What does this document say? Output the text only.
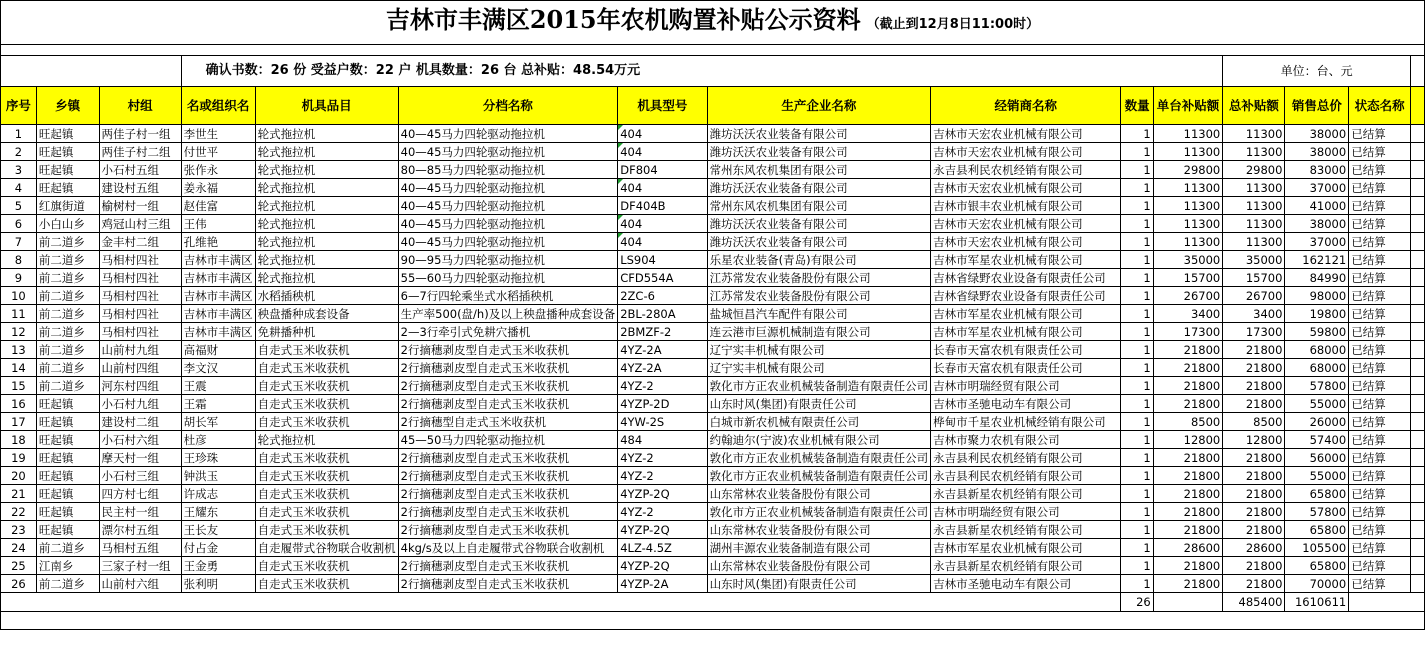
吉林市丰满区2015年农机购置补贴公示资料 （截止到12月8日11:00时）														

			确认书数：26 份 受益户数：22 户 机具数量：26 台 总补贴：48.54万元								单位：台、元			
序号	乡镇	村组	名或组织名	机具品目	分档名称	机具型号	生产企业名称	经销商名称	数量	单台补贴额	总补贴额	销售总价	状态名称	
1	旺起镇	两佳子村一组	李世生	轮式拖拉机	40—45马力四轮驱动拖拉机	404	潍坊沃沃农业装备有限公司	吉林市天宏农业机械有限公司	1	11300	11300	38000	已结算	
2	旺起镇	两佳子村二组	付世平	轮式拖拉机	40—45马力四轮驱动拖拉机	404	潍坊沃沃农业装备有限公司	吉林市天宏农业机械有限公司	1	11300	11300	38000	已结算	
3	旺起镇	小石村五组	张作永	轮式拖拉机	80—85马力四轮驱动拖拉机	DF804	常州东风农机集团有限公司	永吉县利民农机经销有限公司	1	29800	29800	83000	已结算	
4	旺起镇	建设村五组	姜永福	轮式拖拉机	40—45马力四轮驱动拖拉机	404	潍坊沃沃农业装备有限公司	吉林市天宏农业机械有限公司	1	11300	11300	37000	已结算	
5	红旗街道	榆树村一组	赵佳富	轮式拖拉机	40—45马力四轮驱动拖拉机	DF404B	常州东风农机集团有限公司	吉林市银丰农业机械有限公司	1	11300	11300	41000	已结算	
6	小白山乡	鸡冠山村三组	王伟	轮式拖拉机	40—45马力四轮驱动拖拉机	404	潍坊沃沃农业装备有限公司	吉林市天宏农业机械有限公司	1	11300	11300	38000	已结算	
7	前二道乡	金丰村二组	孔维艳	轮式拖拉机	40—45马力四轮驱动拖拉机	404	潍坊沃沃农业装备有限公司	吉林市天宏农业机械有限公司	1	11300	11300	37000	已结算	
8	前二道乡	马相村四社	吉林市丰满区	轮式拖拉机	90—95马力四轮驱动拖拉机	LS904	乐星农业装备(青岛)有限公司	吉林市军星农业机械有限公司	1	35000	35000	162121	已结算	
9	前二道乡	马相村四社	吉林市丰满区	轮式拖拉机	55—60马力四轮驱动拖拉机	CFD554A	江苏常发农业装备股份有限公司	吉林省绿野农业设备有限责任公司	1	15700	15700	84990	已结算	
10	前二道乡	马相村四社	吉林市丰满区	水稻插秧机	6—7行四轮乘坐式水稻插秧机	2ZC-6	江苏常发农业装备股份有限公司	吉林省绿野农业设备有限责任公司	1	26700	26700	98000	已结算	
11	前二道乡	马相村四社	吉林市丰满区	秧盘播种成套设备	生产率500(盘/h)及以上秧盘播种成套设备	2BL-280A	盐城恒昌汽车配件有限公司	吉林市军星农业机械有限公司	1	3400	3400	19800	已结算	
12	前二道乡	马相村四社	吉林市丰满区	免耕播种机	2—3行牵引式免耕穴播机	2BMZF-2	连云港市巨源机械制造有限公司	吉林市军星农业机械有限公司	1	17300	17300	59800	已结算	
13	前二道乡	山前村九组	高福财	自走式玉米收获机	2行摘穗剥皮型自走式玉米收获机	4YZ-2A	辽宁实丰机械有限公司	长春市天富农机有限责任公司	1	21800	21800	68000	已结算	
14	前二道乡	山前村四组	李文汉	自走式玉米收获机	2行摘穗剥皮型自走式玉米收获机	4YZ-2A	辽宁实丰机械有限公司	长春市天富农机有限责任公司	1	21800	21800	68000	已结算	
15	前二道乡	河东村四组	王震	自走式玉米收获机	2行摘穗剥皮型自走式玉米收获机	4YZ-2	敦化市方正农业机械装备制造有限责任公司	吉林市明瑞经贸有限公司	1	21800	21800	57800	已结算	
16	旺起镇	小石村九组	王霜	自走式玉米收获机	2行摘穗剥皮型自走式玉米收获机	4YZP-2D	山东时风(集团)有限责任公司	吉林市圣驰电动车有限公司	1	21800	21800	55000	已结算	
17	旺起镇	建设村二组	胡长军	自走式玉米收获机	2行摘穗型自走式玉米收获机	4YW-2S	白城市新农机械有限责任公司	桦甸市千星农业机械经销有限公司	1	8500	8500	26000	已结算	
18	旺起镇	小石村六组	杜彦	轮式拖拉机	45—50马力四轮驱动拖拉机	484	约翰迪尔(宁波)农业机械有限公司	吉林市聚力农机有限公司	1	12800	12800	57400	已结算	
19	旺起镇	摩天村一组	王珍珠	自走式玉米收获机	2行摘穗剥皮型自走式玉米收获机	4YZ-2	敦化市方正农业机械装备制造有限责任公司	永吉县利民农机经销有限公司	1	21800	21800	56000	已结算	
20	旺起镇	小石村三组	钟洪玉	自走式玉米收获机	2行摘穗剥皮型自走式玉米收获机	4YZ-2	敦化市方正农业机械装备制造有限责任公司	永吉县利民农机经销有限公司	1	21800	21800	55000	已结算	
21	旺起镇	四方村七组	许成志	自走式玉米收获机	2行摘穗剥皮型自走式玉米收获机	4YZP-2Q	山东常林农业装备股份有限公司	永吉县新星农机经销有限公司	1	21800	21800	65800	已结算	
22	旺起镇	民主村一组	王耀东	自走式玉米收获机	2行摘穗剥皮型自走式玉米收获机	4YZ-2	敦化市方正农业机械装备制造有限责任公司	吉林市明瑞经贸有限公司	1	21800	21800	57800	已结算	
23	旺起镇	漂尔村五组	王长友	自走式玉米收获机	2行摘穗剥皮型自走式玉米收获机	4YZP-2Q	山东常林农业装备股份有限公司	永吉县新星农机经销有限公司	1	21800	21800	65800	已结算	
24	前二道乡	马相村五组	付占金	自走履带式谷物联合收割机	4kg/s及以上自走履带式谷物联合收割机	4LZ-4.5Z	湖州丰源农业装备制造有限公司	吉林市军星农业机械有限公司	1	28600	28600	105500	已结算	
25	江南乡	三家子村一组	王金勇	自走式玉米收获机	2行摘穗剥皮型自走式玉米收获机	4YZP-2Q	山东常林农业装备股份有限公司	永吉县新星农机经销有限公司	1	21800	21800	65800	已结算	
26	前二道乡	山前村六组	张利明	自走式玉米收获机	2行摘穗剥皮型自走式玉米收获机	4YZP-2A	山东时风(集团)有限责任公司	吉林市圣驰电动车有限公司	1	21800	21800	70000	已结算	
									26		485400	1610611		
